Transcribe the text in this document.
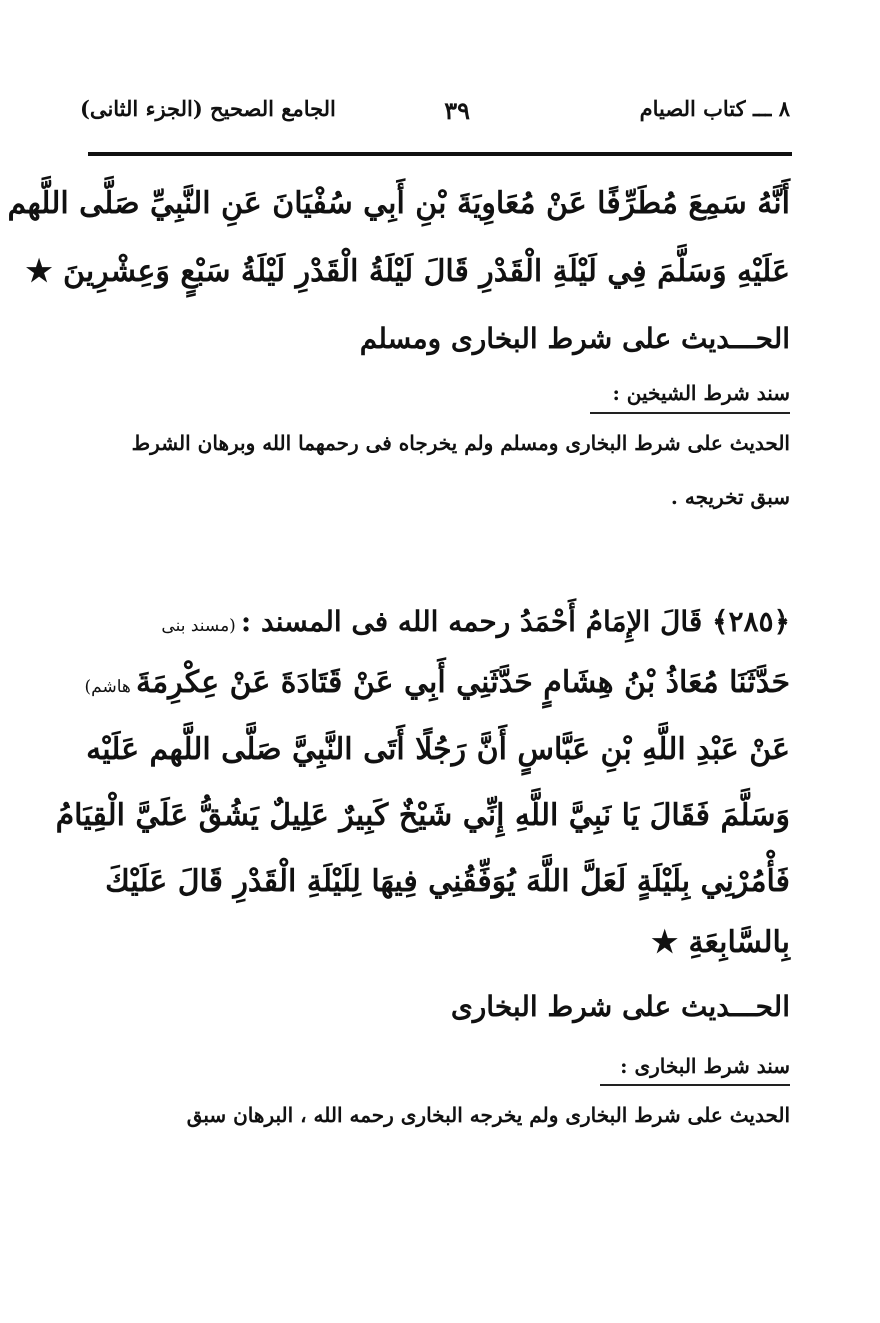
٨ ـــ كتاب الصيام
٣٩
الجامع الصحيح (الجزء الثانى)
أَنَّهُ سَمِعَ مُطَرِّفًا عَنْ مُعَاوِيَةَ بْنِ أَبِي سُفْيَانَ عَنِ النَّبِيِّ صَلَّى اللَّهم
عَلَيْهِ وَسَلَّمَ فِي لَيْلَةِ الْقَدْرِ قَالَ لَيْلَةُ الْقَدْرِ لَيْلَةُ سَبْعٍ وَعِشْرِينَ ★
الحـــديث على شرط البخارى ومسلم
سند شرط الشيخين :
الحديث على شرط البخارى ومسلم ولم يخرجاه فى رحمهما الله وبرهان الشرط
سبق تخريجه .
﴿٢٨٥﴾ قَالَ الإِمَامُ أَحْمَدُ رحمه الله فى المسند : (مسند بنى
حَدَّثَنَا مُعَاذُ بْنُ هِشَامٍ حَدَّثَنِي أَبِي عَنْ قَتَادَةَ عَنْ عِكْرِمَةَ هاشم)
عَنْ عَبْدِ اللَّهِ بْنِ عَبَّاسٍ أَنَّ رَجُلًا أَتَى النَّبِيَّ صَلَّى اللَّهم عَلَيْه
وَسَلَّمَ فَقَالَ يَا نَبِيَّ اللَّهِ إِنِّي شَيْخٌ كَبِيرٌ عَلِيلٌ يَشُقُّ عَلَيَّ الْقِيَامُ
فَأْمُرْنِي بِلَيْلَةٍ لَعَلَّ اللَّهَ يُوَفِّقُنِي فِيهَا لِلَيْلَةِ الْقَدْرِ قَالَ عَلَيْكَ
بِالسَّابِعَةِ ★
الحـــديث على شرط البخارى
سند شرط البخارى :
الحديث على شرط البخارى ولم يخرجه البخارى رحمه الله ، البرهان سبق
